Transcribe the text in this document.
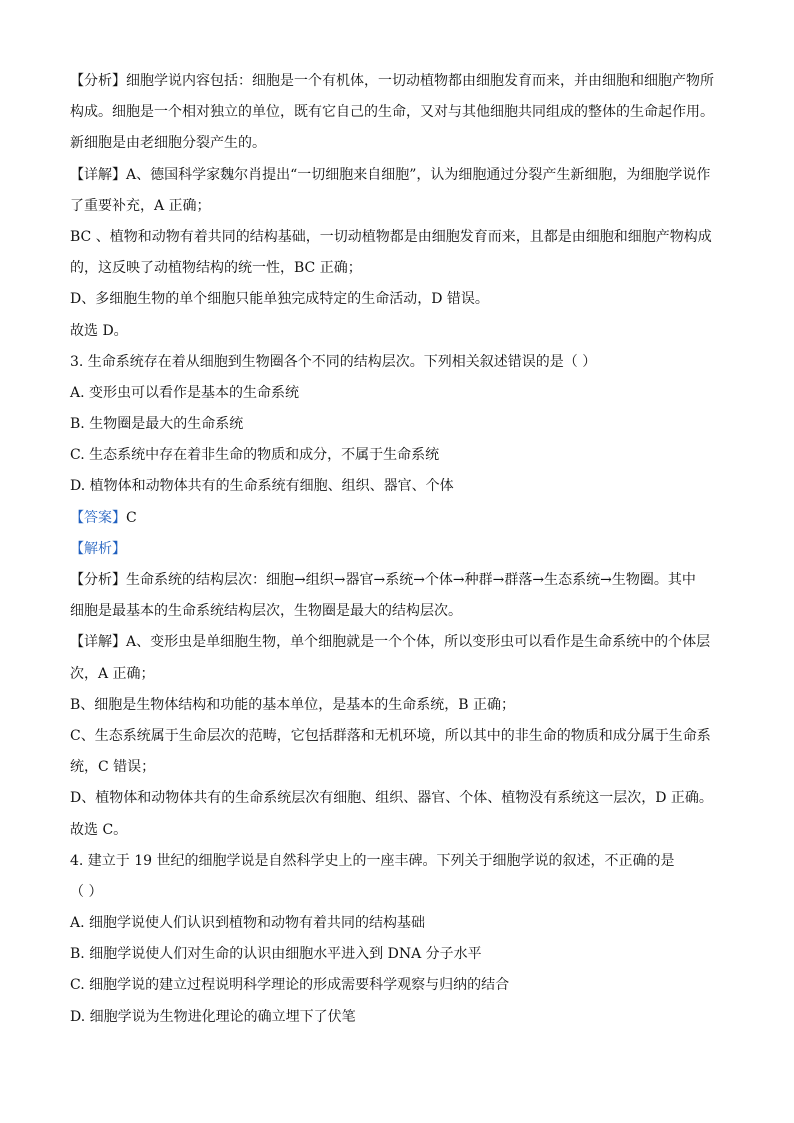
【分析】细胞学说内容包括：细胞是一个有机体，一切动植物都由细胞发育而来，并由细胞和细胞产物所
构成。细胞是一个相对独立的单位，既有它自己的生命，又对与其他细胞共同组成的整体的生命起作用。
新细胞是由老细胞分裂产生的。
【详解】A、德国科学家魏尔肖提出“一切细胞来自细胞”，认为细胞通过分裂产生新细胞，为细胞学说作
了重要补充，A 正确；
BC 、植物和动物有着共同的结构基础，一切动植物都是由细胞发育而来，且都是由细胞和细胞产物构成
的，这反映了动植物结构的统一性，BC 正确；
D、多细胞生物的单个细胞只能单独完成特定的生命活动，D 错误。
故选 D。
3. 生命系统存在着从细胞到生物圈各个不同的结构层次。下列相关叙述错误的是（ ）
A. 变形虫可以看作是基本的生命系统
B. 生物圈是最大的生命系统
C. 生态系统中存在着非生命的物质和成分，不属于生命系统
D. 植物体和动物体共有的生命系统有细胞、组织、器官、个体
【答案】C
【解析】
【分析】生命系统的结构层次：细胞→组织→器官→系统→个体→种群→群落→生态系统→生物圈。其中
细胞是最基本的生命系统结构层次，生物圈是最大的结构层次。
【详解】A、变形虫是单细胞生物，单个细胞就是一个个体，所以变形虫可以看作是生命系统中的个体层
次，A 正确；
B、细胞是生物体结构和功能的基本单位，是基本的生命系统，B 正确；
C、生态系统属于生命层次的范畴，它包括群落和无机环境，所以其中的非生命的物质和成分属于生命系
统，C 错误；
D、植物体和动物体共有的生命系统层次有细胞、组织、器官、个体、植物没有系统这一层次，D 正确。
故选 C。
4. 建立于 19 世纪的细胞学说是自然科学史上的一座丰碑。下列关于细胞学说的叙述，不正确的是
（ ）
A. 细胞学说使人们认识到植物和动物有着共同的结构基础
B. 细胞学说使人们对生命的认识由细胞水平进入到 DNA 分子水平
C. 细胞学说的建立过程说明科学理论的形成需要科学观察与归纳的结合
D. 细胞学说为生物进化理论的确立埋下了伏笔
